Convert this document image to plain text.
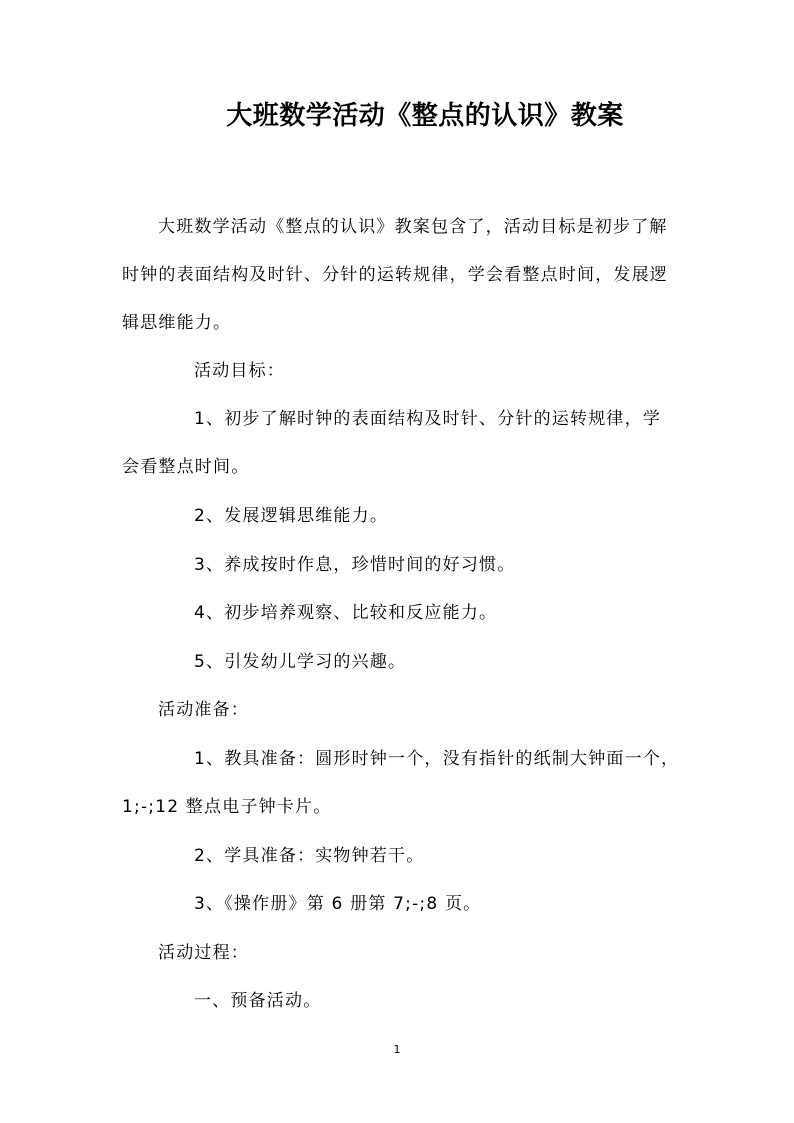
大班数学活动《整点的认识》教案
大班数学活动《整点的认识》教案包含了，活动目标是初步了解
时钟的表面结构及时针、分针的运转规律，学会看整点时间，发展逻
辑思维能力。
活动目标：
1、初步了解时钟的表面结构及时针、分针的运转规律，学
会看整点时间。
2、发展逻辑思维能力。
3、养成按时作息，珍惜时间的好习惯。
4、初步培养观察、比较和反应能力。
5、引发幼儿学习的兴趣。
活动准备：
1、教具准备：圆形时钟一个，没有指针的纸制大钟面一个，
1;-;12 整点电子钟卡片。
2、学具准备：实物钟若干。
3、《操作册》第 6 册第 7;-;8 页。
活动过程：
一、预备活动。
1
